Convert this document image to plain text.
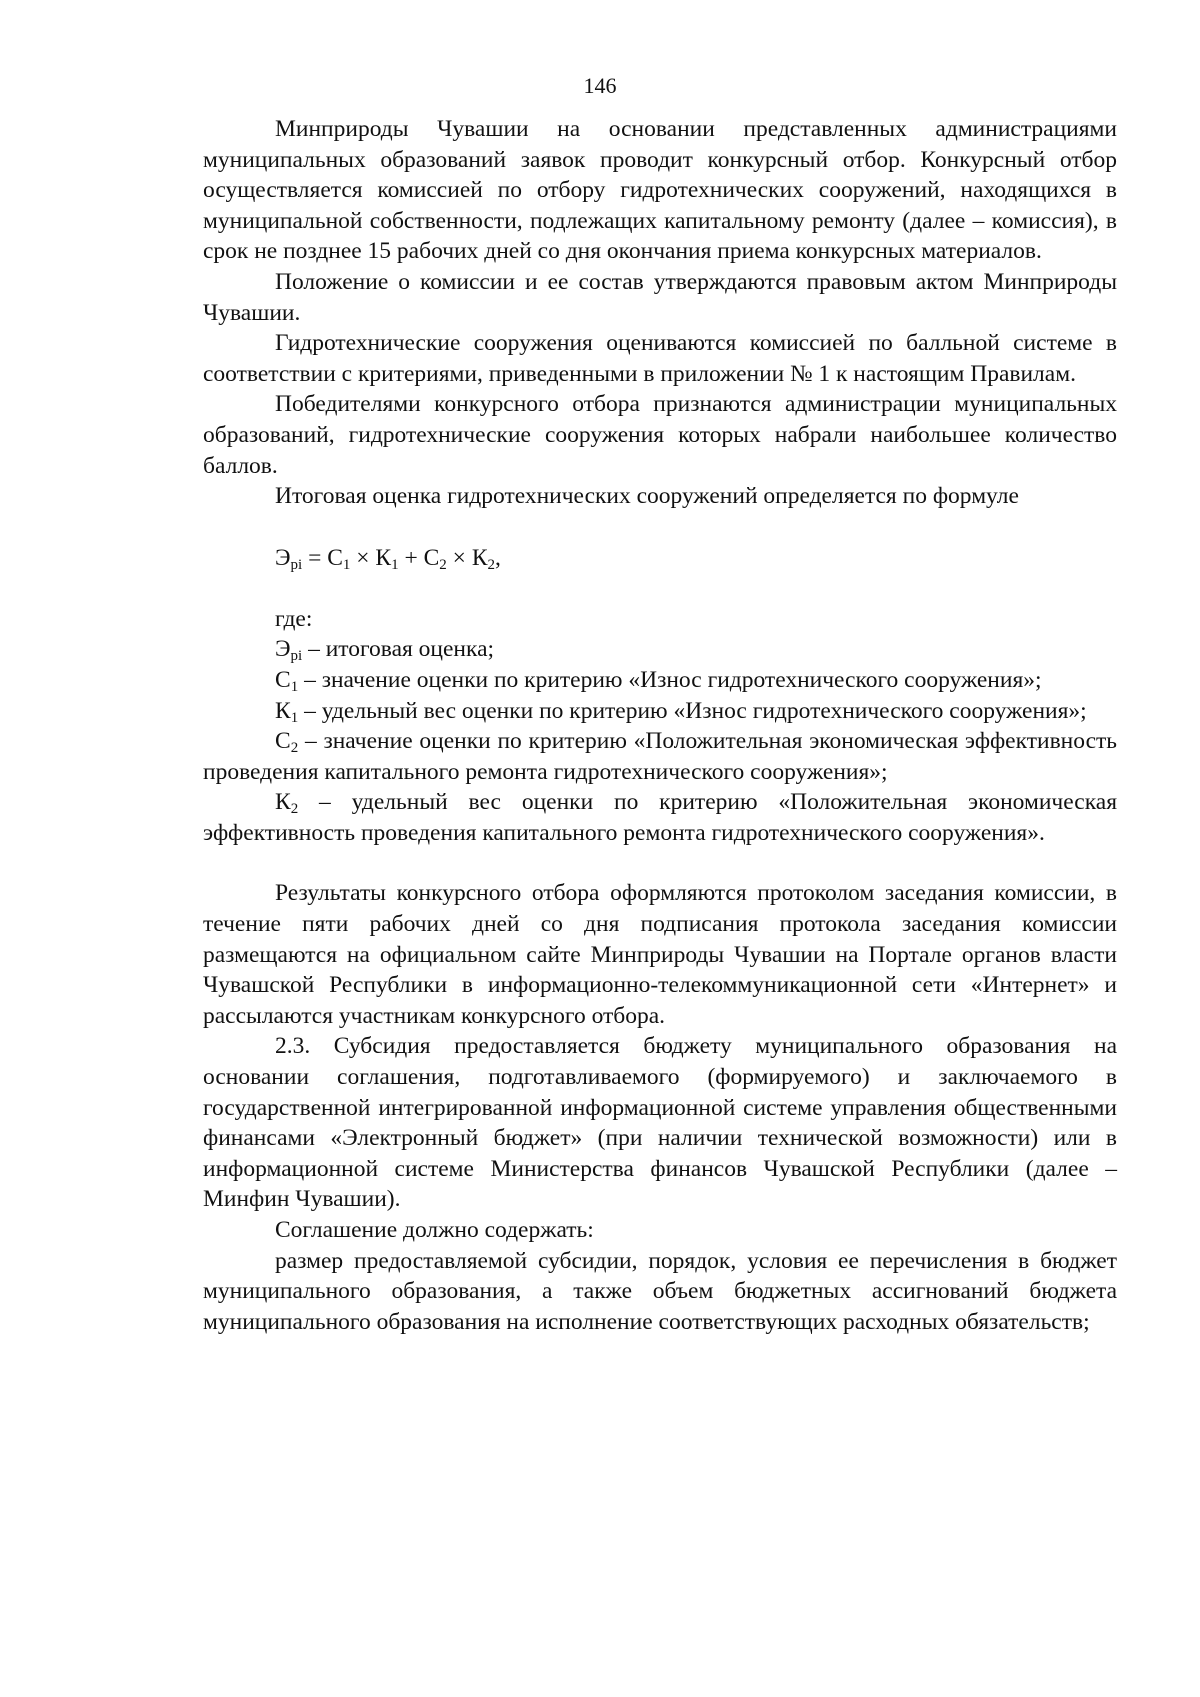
146

Минприроды Чувашии на основании представленных администрациями муниципальных образований заявок проводит конкурсный отбор. Конкурсный отбор осуществляется комиссией по отбору гидротехнических сооружений, находящихся в муниципальной собственности, подлежащих капитальному ремонту (далее – комиссия), в срок не позднее 15 рабочих дней со дня окончания приема конкурсных материалов.

Положение о комиссии и ее состав утверждаются правовым актом Минприроды Чувашии.

Гидротехнические сооружения оцениваются комиссией по балльной системе в соответствии с критериями, приведенными в приложении № 1 к настоящим Правилам.

Победителями конкурсного отбора признаются администрации муниципальных образований, гидротехнические сооружения которых набрали наибольшее количество баллов.

Итоговая оценка гидротехнических сооружений определяется по формуле

$Э_{pi} = С_1 \times К_1 + С_2 \times К_2$,

где:

$Э_{pi}$ – итоговая оценка;

$С_1$ – значение оценки по критерию «Износ гидротехнического сооружения»;

$К_1$ – удельный вес оценки по критерию «Износ гидротехнического сооружения»;

$С_2$ – значение оценки по критерию «Положительная экономическая эффективность проведения капитального ремонта гидротехнического сооружения»;

$К_2$ – удельный вес оценки по критерию «Положительная экономическая эффективность проведения капитального ремонта гидротехнического сооружения».

Результаты конкурсного отбора оформляются протоколом заседания комиссии, в течение пяти рабочих дней со дня подписания протокола заседания комиссии размещаются на официальном сайте Минприроды Чувашии на Портале органов власти Чувашской Республики в информационно-телекоммуникационной сети «Интернет» и рассылаются участникам конкурсного отбора.

2.3. Субсидия предоставляется бюджету муниципального образования на основании соглашения, подготавливаемого (формируемого) и заключаемого в государственной интегрированной информационной системе управления общественными финансами «Электронный бюджет» (при наличии технической возможности) или в информационной системе Министерства финансов Чувашской Республики (далее – Минфин Чувашии).

Соглашение должно содержать:

размер предоставляемой субсидии, порядок, условия ее перечисления в бюджет муниципального образования, а также объем бюджетных ассигнований бюджета муниципального образования на исполнение соответствующих расходных обязательств;
